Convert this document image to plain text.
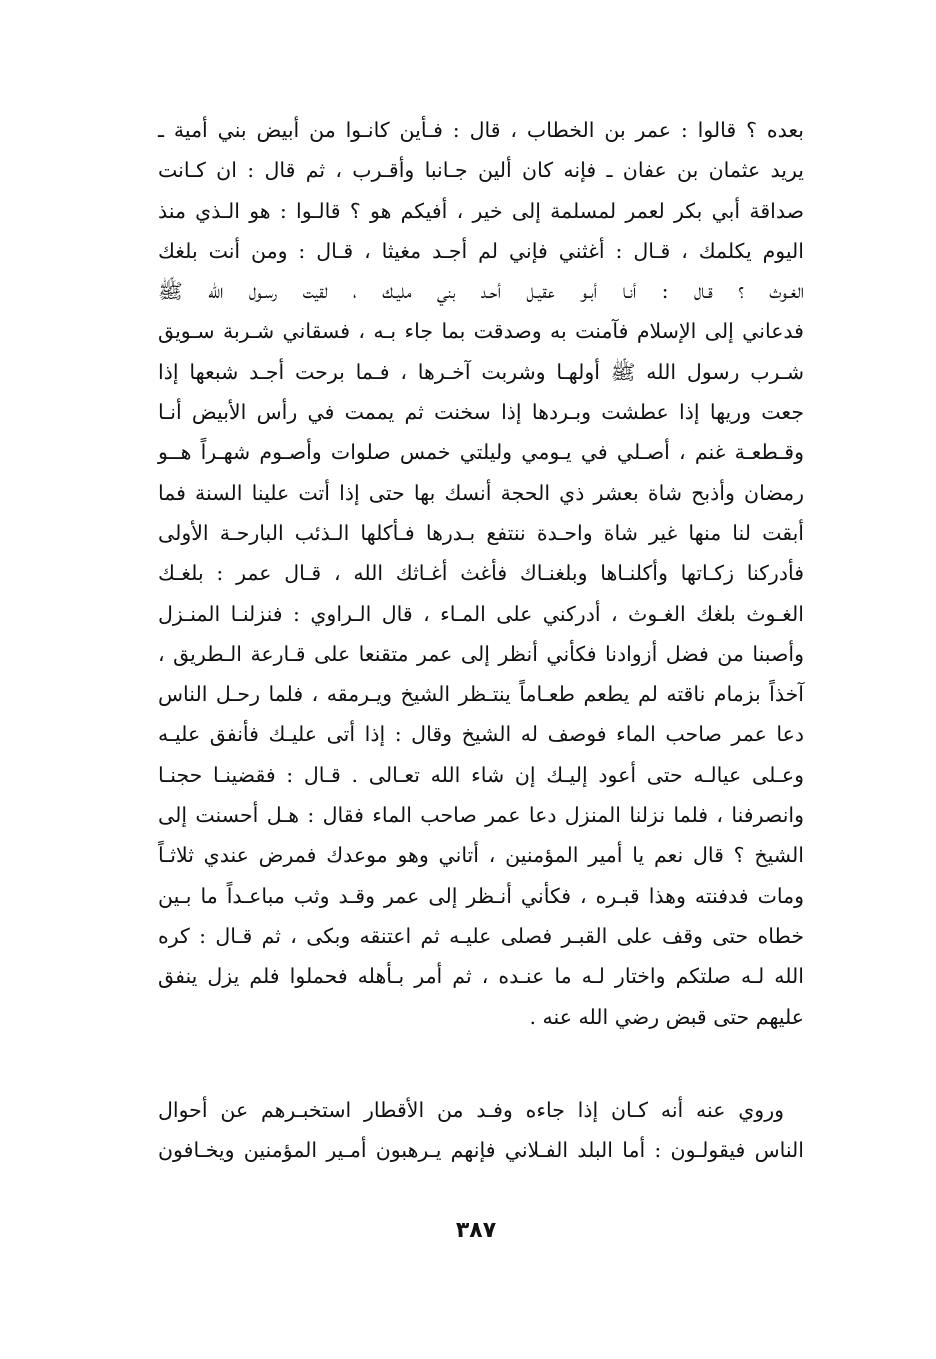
بعده ؟ قالوا : عمر بن الخطاب ، قال : فـأين كانـوا من أبيض بني أمية ـ
يريد عثمان بن عفان ـ فإنه كان ألين جـانبا وأقـرب ، ثم قال : ان كـانت
صداقة أبي بكر لعمر لمسلمة إلى خير ، أفيكم هو ؟ قالـوا : هو الـذي منذ
اليوم يكلمك ، قـال : أغثني فإني لم أجـد مغيثا ، قـال : ومن أنت بلغك
الغـوث ؟ قـال : أنـا أبـو عقيـل أحـد بني مليـك ، لقيت رسـول الله ﷺ
فدعاني إلى الإسلام فآمنت به وصدقت بما جاء بـه ، فسقاني شـربة سـويق
شـرب رسول الله ﷺ أولهـا وشربت آخـرها ، فـما برحت أجـد شبعها إذا
جعت وريها إذا عطشت وبـردها إذا سخنت ثم يممت في رأس الأبيض أنـا
وقـطعـة غنم ، أصـلي في يـومي وليلتي خمس صلوات وأصـوم شهـراً هــو
رمضان وأذبح شاة بعشر ذي الحجة أنسك بها حتى إذا أتت علينا السنة فما
أبقت لنا منها غير شاة واحـدة ننتفع بـدرها فـأكلها الـذئب البارحـة الأولى
فأدركنا زكـاتها وأكلنـاها وبلغنـاك فأغث أغـاثك الله ، قـال عمر : بلغـك
الغـوث بلغك الغـوث ، أدركني على المـاء ، قال الـراوي : فنزلنـا المنـزل
وأصبنا من فضل أزوادنا فكأني أنظر إلى عمر متقنعا على قـارعة الـطريق ،
آخذاً بزمام ناقته لم يطعم طعـاماً ينتـظر الشيخ ويـرمقه ، فلما رحـل الناس
دعا عمر صاحب الماء فوصف له الشيخ وقال : إذا أتى عليـك فأنفق عليـه
وعـلى عيالـه حتى أعود إليـك إن شاء الله تعـالى . قـال : فقضينـا حجنـا
وانصرفنا ، فلما نزلنا المنزل دعا عمر صاحب الماء فقال : هـل أحسنت إلى
الشيخ ؟ قال نعم يا أمير المؤمنين ، أتاني وهو موعدك فمرض عندي ثلاثـاً
ومات فدفنته وهذا قبـره ، فكأني أنـظر إلى عمر وقـد وثب مباعـداً ما بـين
خطاه حتى وقف على القبـر فصلى عليـه ثم اعتنقه وبكى ، ثم قـال : كره
الله لـه صلتكم واختار لـه ما عنـده ، ثم أمر بـأهله فحملوا فلم يزل ينفق
عليهم حتى قبض رضي الله عنه .
وروي عنه أنه كـان إذا جاءه وفـد من الأقطار استخبـرهم عن أحوال
الناس فيقولـون : أما البلد الفـلاني فإنهم يـرهبون أمـير المؤمنين ويخـافون
٣٨٧
